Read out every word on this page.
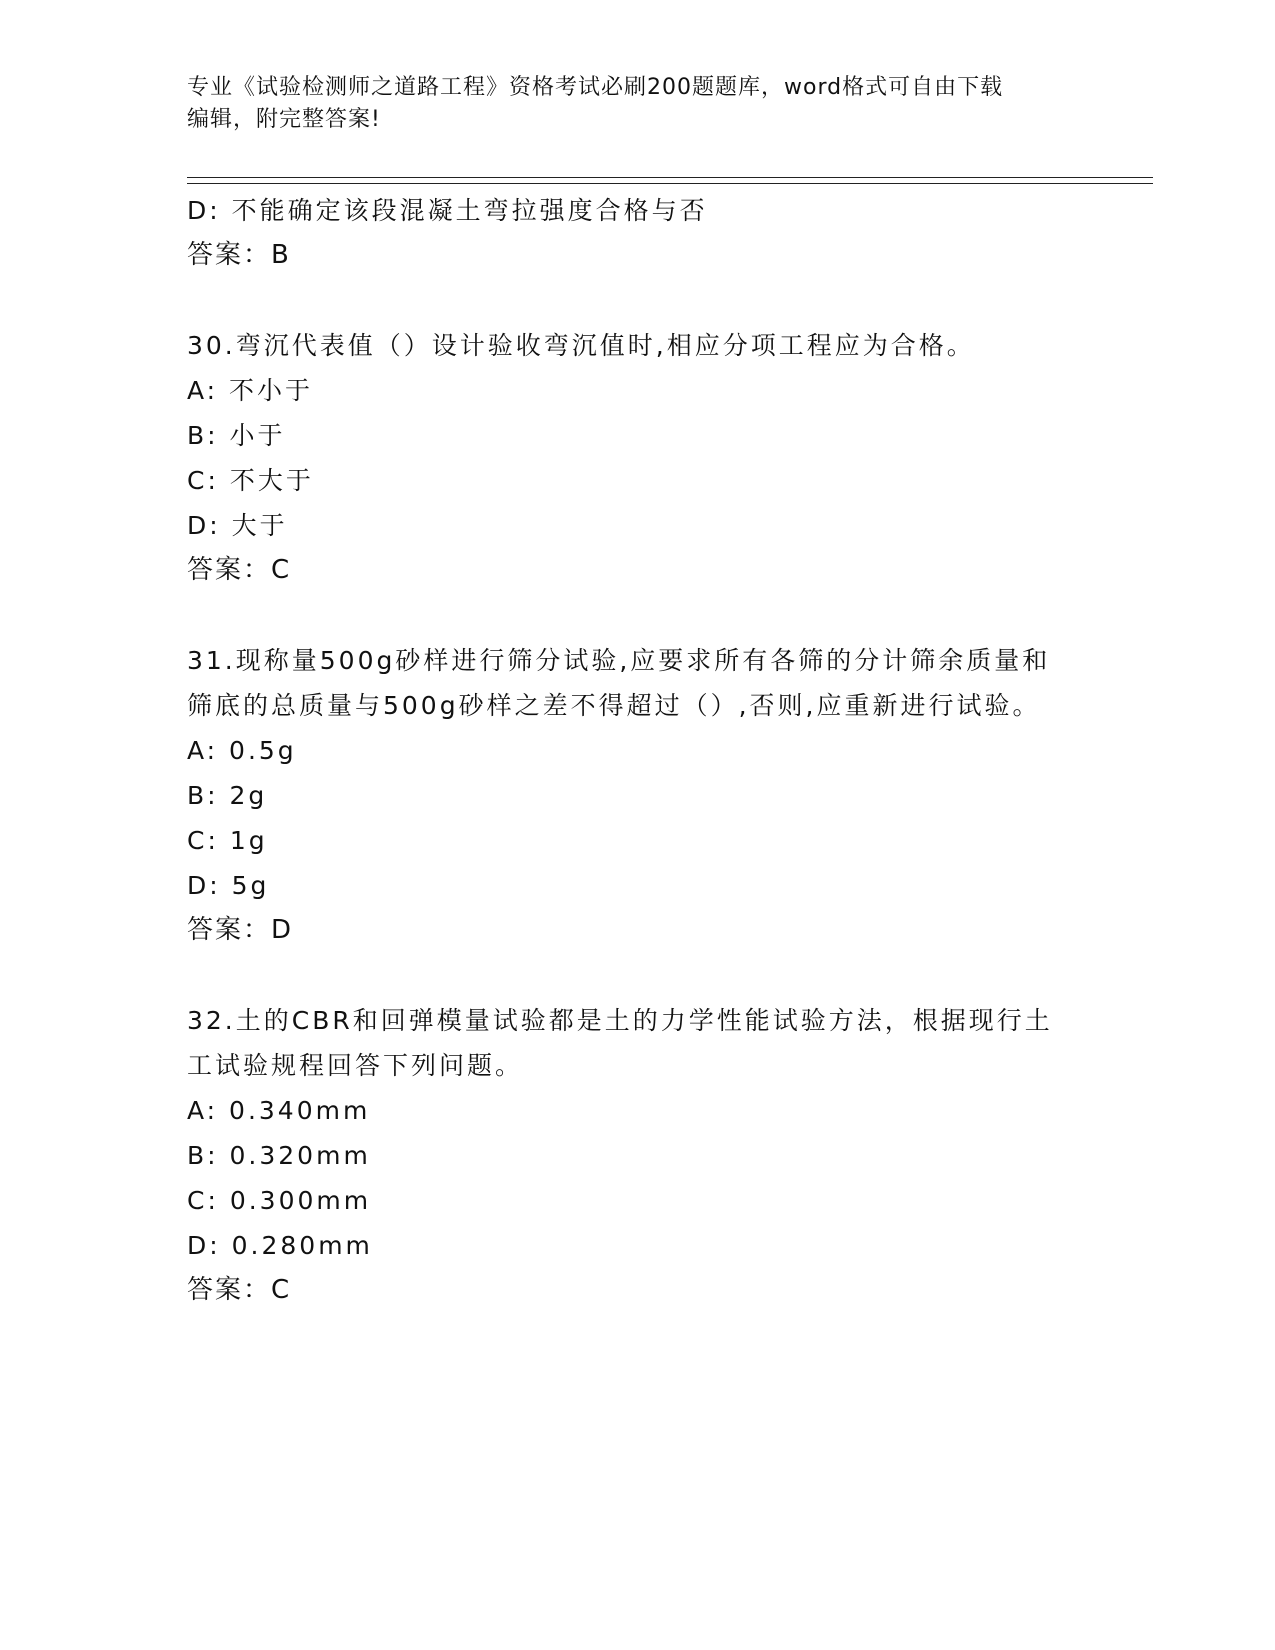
专业《试验检测师之道路工程》资格考试必刷200题题库，word格式可自由下载
编辑，附完整答案!
D: 不能确定该段混凝土弯拉强度合格与否
答案：B
30.弯沉代表值（）设计验收弯沉值时,相应分项工程应为合格。
A: 不小于
B: 小于
C: 不大于
D: 大于
答案：C
31.现称量500g砂样进行筛分试验,应要求所有各筛的分计筛余质量和
筛底的总质量与500g砂样之差不得超过（）,否则,应重新进行试验。
A: 0.5g
B: 2g
C: 1g
D: 5g
答案：D
32.土的CBR和回弹模量试验都是土的力学性能试验方法，根据现行土
工试验规程回答下列问题。
A: 0.340mm
B: 0.320mm
C: 0.300mm
D: 0.280mm
答案：C
